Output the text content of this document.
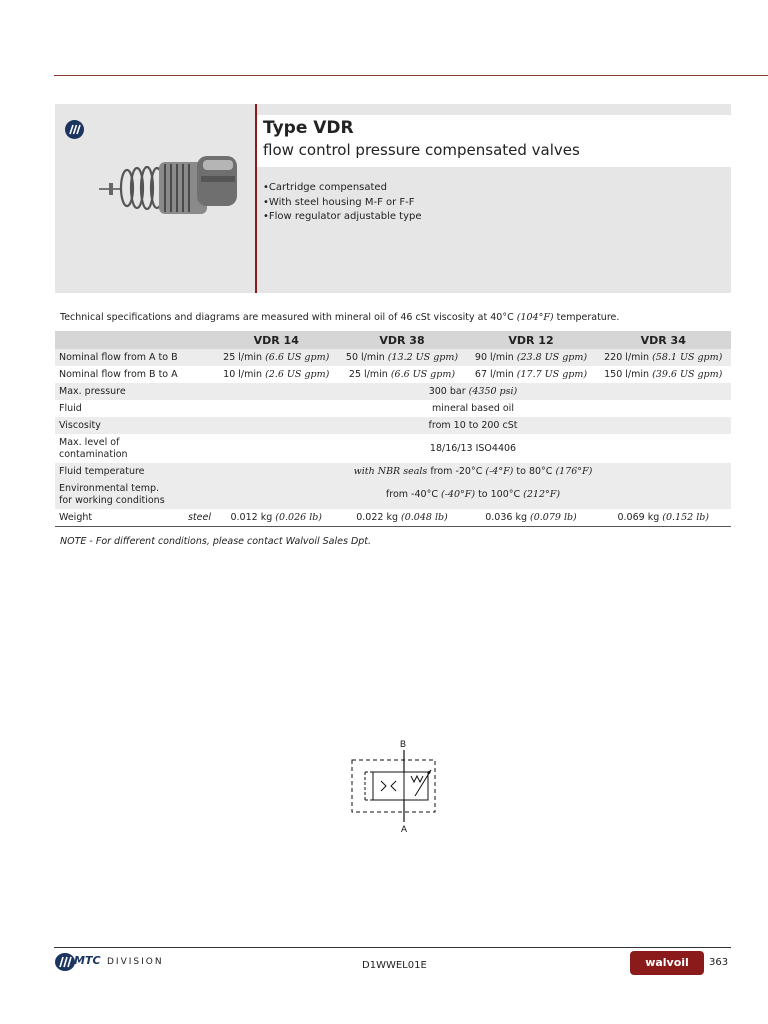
Type VDR
flow control pressure compensated valves
• Cartridge compensated
• With steel housing M-F or F-F
• Flow regulator adjustable type
Technical specifications and diagrams are measured with mineral oil of 46 cSt viscosity at 40°C (104°F) temperature.
	VDR 14	VDR 38	VDR 12	VDR 34
Nominal flow from A to B	25 l/min (6.6 US gpm)	50 l/min (13.2 US gpm)	90 l/min (23.8 US gpm)	220 l/min (58.1 US gpm)
Nominal flow from B to A	10 l/min (2.6 US gpm)	25 l/min (6.6 US gpm)	67 l/min (17.7 US gpm)	150 l/min (39.6 US gpm)
Max. pressure	300 bar (4350 psi)			
Fluid	mineral based oil			
Viscosity	from 10 to 200 cSt			
Max. level of
contamination	18/16/13 ISO4406			
Fluid temperature	with NBR seals from -20°C (-4°F) to 80°C (176°F)			
Environmental temp.
for working conditions	from -40°C (-40°F) to 100°C (212°F)			
Weight steel	0.012 kg (0.026 lb)	0.022 kg (0.048 lb)	0.036 kg (0.079 lb)	0.069 kg (0.152 lb)
NOTE - For different conditions, please contact Walvoil Sales Dpt.
B
A
MTC DIVISION	D1WWEL01E	walvoil	363
